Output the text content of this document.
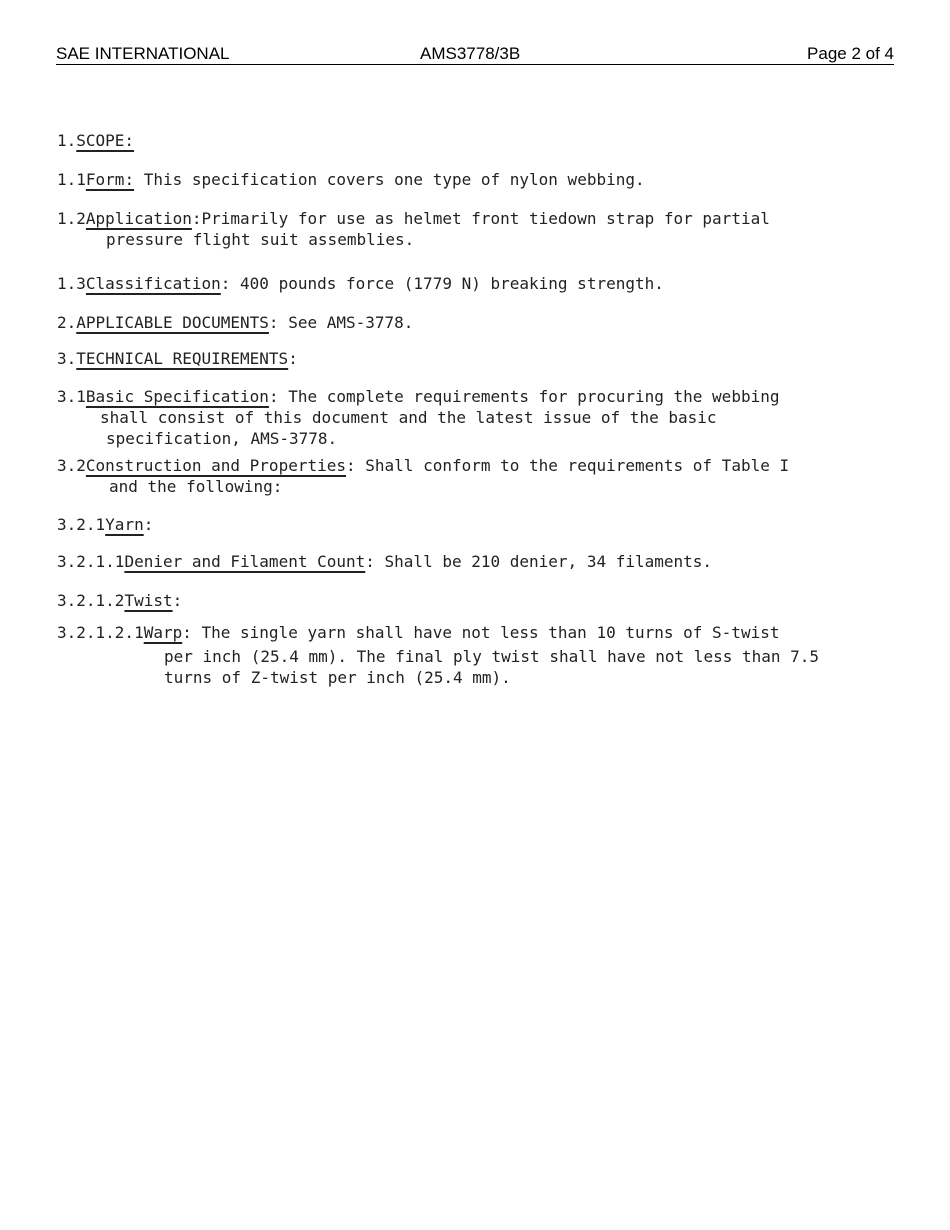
SAE INTERNATIONAL	AMS3778/3B	Page 2 of 4
1.SCOPE:
1.1Form: This specification covers one type of nylon webbing.
1.2Application:Primarily for use as helmet front tiedown strap for partial
pressure flight suit assemblies.
1.3Classification: 400 pounds force (1779 N) breaking strength.
2.APPLICABLE DOCUMENTS: See AMS-3778.
3.TECHNICAL REQUIREMENTS:
3.1Basic Specification: The complete requirements for procuring the webbing
shall consist of this document and the latest issue of the basic
specification, AMS-3778.
3.2Construction and Properties: Shall conform to the requirements of Table I
and the following:
3.2.1Yarn:
3.2.1.1Denier and Filament Count: Shall be 210 denier, 34 filaments.
3.2.1.2Twist:
3.2.1.2.1Warp: The single yarn shall have not less than 10 turns of S-twist
per inch (25.4 mm). The final ply twist shall have not less than 7.5
turns of Z-twist per inch (25.4 mm).
